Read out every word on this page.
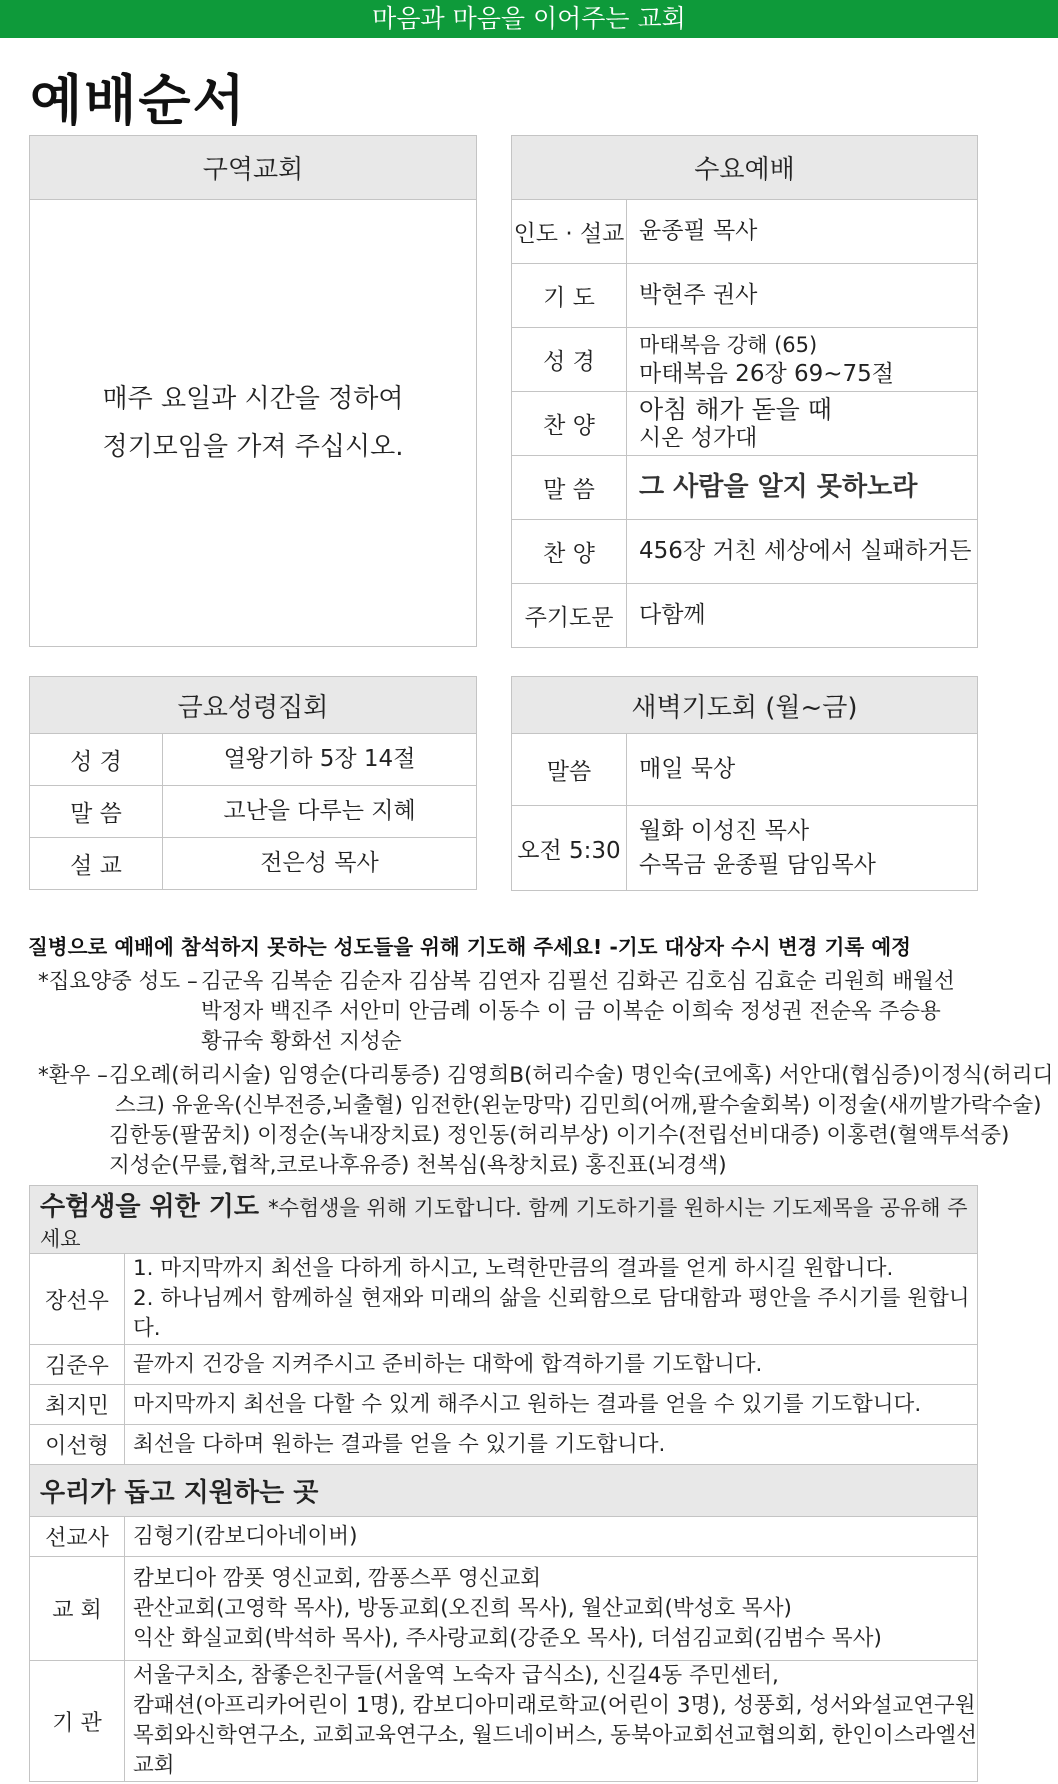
마음과 마음을 이어주는 교회
예배순서
구역교회

매주 요일과 시간을 정하여
정기모임을 가져 주십시오.
수요예배	
인도 · 설교	윤종필 목사
기 도	박현주 권사
성 경	마태복음 강해 (65)
마태복음 26장 69~75절

찬 양	아침 해가 돋을 때
시온 성가대

말 씀	그 사람을 알지 못하노라
찬 양	456장 거친 세상에서 실패하거든
주기도문	다함께
금요성령집회	
성 경	열왕기하 5장 14절
말 씀	고난을 다루는 지혜
설 교	전은성 목사
새벽기도회 (월~금)	
말씀	매일 묵상
오전 5:30	월화 이성진 목사
수목금 윤종필 담임목사
질병으로 예배에 참석하지 못하는 성도들을 위해 기도해 주세요! -기도 대상자 수시 변경 기록 예정
*집요양중 성도 – 김군옥 김복순 김순자 김삼복 김연자 김필선 김화곤 김호심 김효순 리원희 배월선
박정자 백진주 서안미 안금례 이동수 이 금 이복순 이희숙 정성권 전순옥 주승용
황규숙 황화선 지성순
*환우 – 김오례(허리시술) 임영순(다리통증) 김영희B(허리수술) 명인숙(코에혹) 서안대(협심증)이정식(허리디
스크) 유윤옥(신부전증,뇌출혈) 임전한(왼눈망막) 김민희(어깨,팔수술회복) 이정술(새끼발가락수술)
김한동(팔꿈치) 이정순(녹내장치료) 정인동(허리부상) 이기수(전립선비대증) 이홍련(혈액투석중)
지성순(무릎,협착,코로나후유증) 천복심(욕창치료) 홍진표(뇌경색)
수험생을 위한 기도 *수험생을 위해 기도합니다. 함께 기도하기를 원하시는 기도제목을 공유해 주세요	
장선우	1. 마지막까지 최선을 다하게 하시고, 노력한만큼의 결과를 얻게 하시길 원합니다.
2. 하나님께서 함께하실 현재와 미래의 삶을 신뢰함으로 담대함과 평안을 주시기를 원합니다.

김준우	끝까지 건강을 지켜주시고 준비하는 대학에 합격하기를 기도합니다.
최지민	마지막까지 최선을 다할 수 있게 해주시고 원하는 결과를 얻을 수 있기를 기도합니다.
이선형	최선을 다하며 원하는 결과를 얻을 수 있기를 기도합니다.
우리가 돕고 지원하는 곳	
선교사	김형기(캄보디아네이버)
교 회	캄보디아 깜폿 영신교회, 깜퐁스푸 영신교회
관산교회(고영학 목사), 방동교회(오진희 목사), 월산교회(박성호 목사)
익산 화실교회(박석하 목사), 주사랑교회(강준오 목사), 더섬김교회(김범수 목사)

기 관	서울구치소, 참좋은친구들(서울역 노숙자 급식소), 신길4동 주민센터,
캄패션(아프리카어린이 1명), 캄보디아미래로학교(어린이 3명), 성풍회, 성서와설교연구원
목회와신학연구소, 교회교육연구소, 월드네이버스, 동북아교회선교협의회, 한인이스라엘선교회
